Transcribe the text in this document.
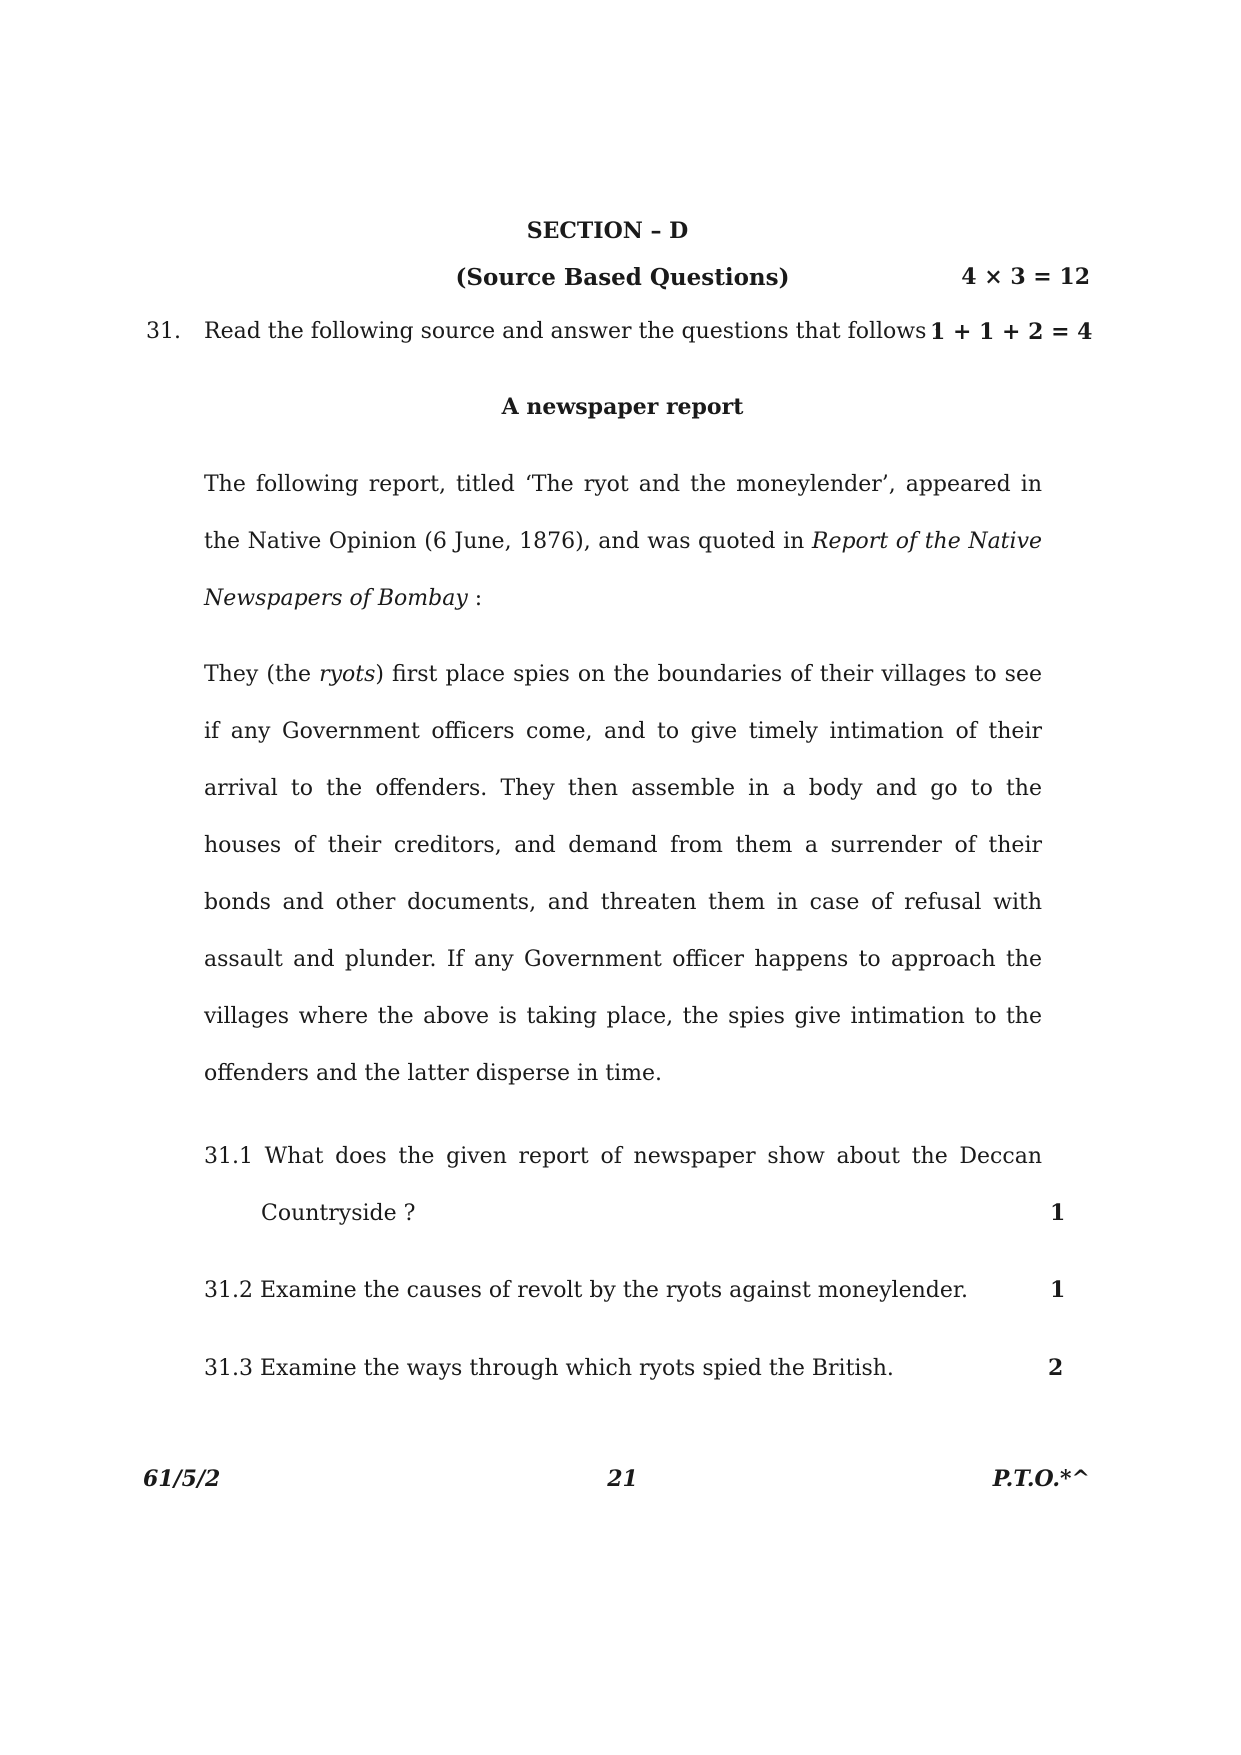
SECTION – D
(Source Based Questions)	4 × 3 = 12
31. Read the following source and answer the questions that follows :
1 + 1 + 2 = 4
A newspaper report
The following report, titled ‘The ryot and the moneylender’, appeared in
the Native Opinion (6 June, 1876), and was quoted in Report of the Native
Newspapers of Bombay :
They (the ryots) first place spies on the boundaries of their villages to see
if any Government officers come, and to give timely intimation of their
arrival to the offenders. They then assemble in a body and go to the
houses of their creditors, and demand from them a surrender of their
bonds and other documents, and threaten them in case of refusal with
assault and plunder. If any Government officer happens to approach the
villages where the above is taking place, the spies give intimation to the
offenders and the latter disperse in time.
31.1 What does the given report of newspaper show about the Deccan
Countryside ?	1
31.2 Examine the causes of revolt by the ryots against moneylender.	1
31.3 Examine the ways through which ryots spied the British.	2
61/5/2	21	P.T.O.*^
